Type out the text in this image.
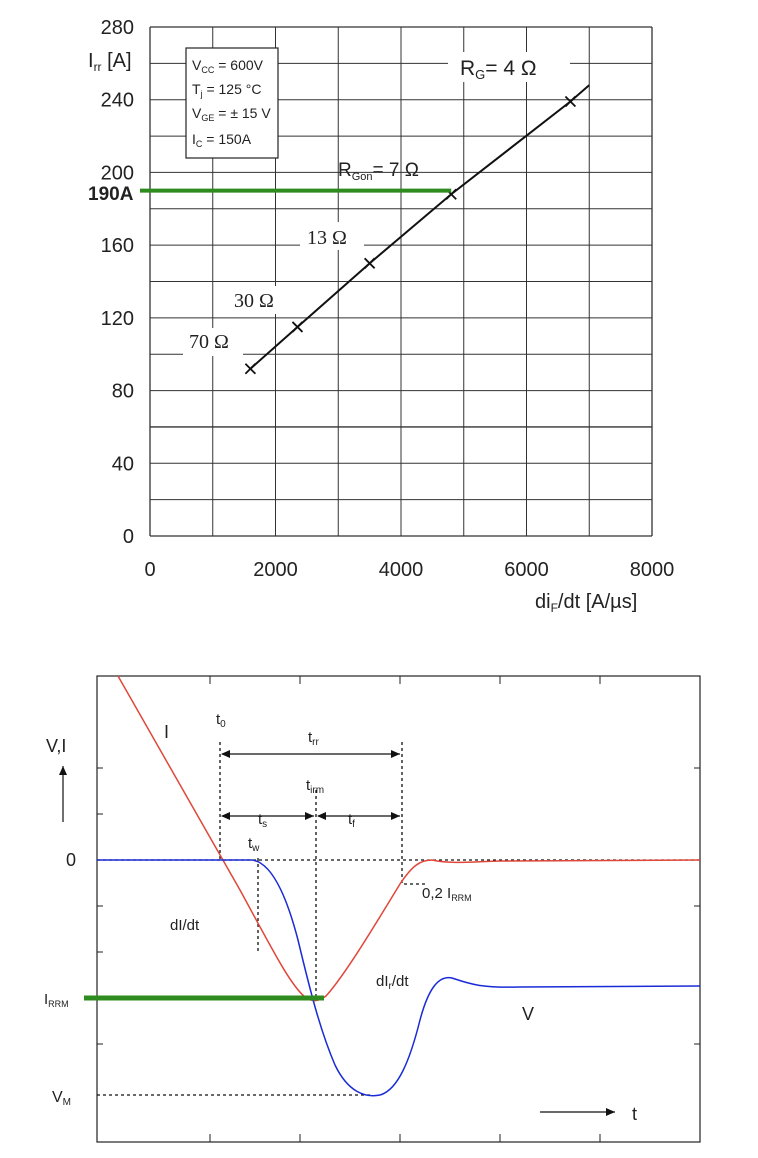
0
40
80
120
160
200
240
280
0	2000	4000	6000	8000
$I_{rr}$ [A]
$di_F/dt$ [A/µs]
$V_{CC} = 600V$
$T_j = 125$ °C
$V_{GE}$ = ± 15 V
$I_C = 150A$
190A
RG= 4 Ω
$R_{Gon}= 7$ Ω
13 Ω
30 Ω
70 Ω
V,I
0
I
V
t
$t_0$
$t_{rr}$
$t_{irm}$
$t_s$	$t_f$
$t_w$
dI/dt
$dI_r/dt$
0,2 $I_{RRM}$
$I_{RRM}$
VM
